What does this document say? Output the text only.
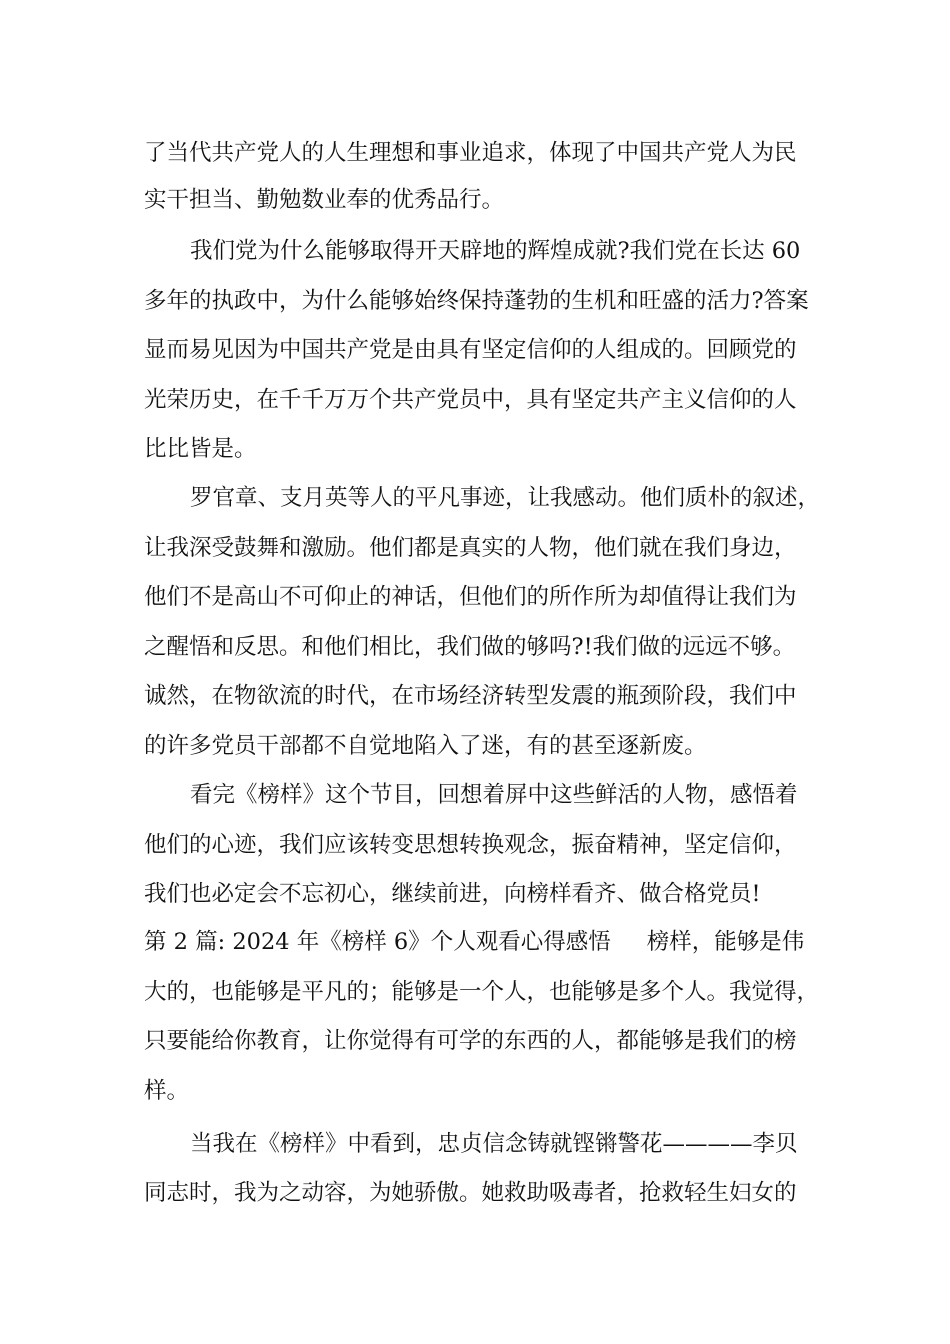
了当代共产党人的人生理想和事业追求，体现了中国共产党人为民
实干担当、勤勉数业奉的优秀品行。
我们党为什么能够取得开天辟地的辉煌成就?我们党在长达 60
多年的执政中，为什么能够始终保持蓬勃的生机和旺盛的活力?答案
显而易见因为中国共产党是由具有坚定信仰的人组成的。回顾党的
光荣历史，在千千万万个共产党员中，具有坚定共产主义信仰的人
比比皆是。
罗官章、支月英等人的平凡事迹，让我感动。他们质朴的叙述，
让我深受鼓舞和激励。他们都是真实的人物，他们就在我们身边，
他们不是高山不可仰止的神话，但他们的所作所为却值得让我们为
之醒悟和反思。和他们相比，我们做的够吗?!我们做的远远不够。
诚然，在物欲流的时代，在市场经济转型发震的瓶颈阶段，我们中
的许多党员干部都不自觉地陷入了迷，有的甚至逐新废。
看完《榜样》这个节目，回想着屏中这些鲜活的人物，感悟着
他们的心迹，我们应该转变思想转换观念，振奋精神，坚定信仰，
我们也必定会不忘初心，继续前进，向榜样看齐、做合格党员!
第 2 篇: 2024 年《榜样 6》个人观看心得感悟 榜样，能够是伟
大的，也能够是平凡的；能够是一个人，也能够是多个人。我觉得，
只要能给你教育，让你觉得有可学的东西的人，都能够是我们的榜
样。
当我在《榜样》中看到，忠贞信念铸就铿锵警花————李贝
同志时，我为之动容，为她骄傲。她救助吸毒者，抢救轻生妇女的
